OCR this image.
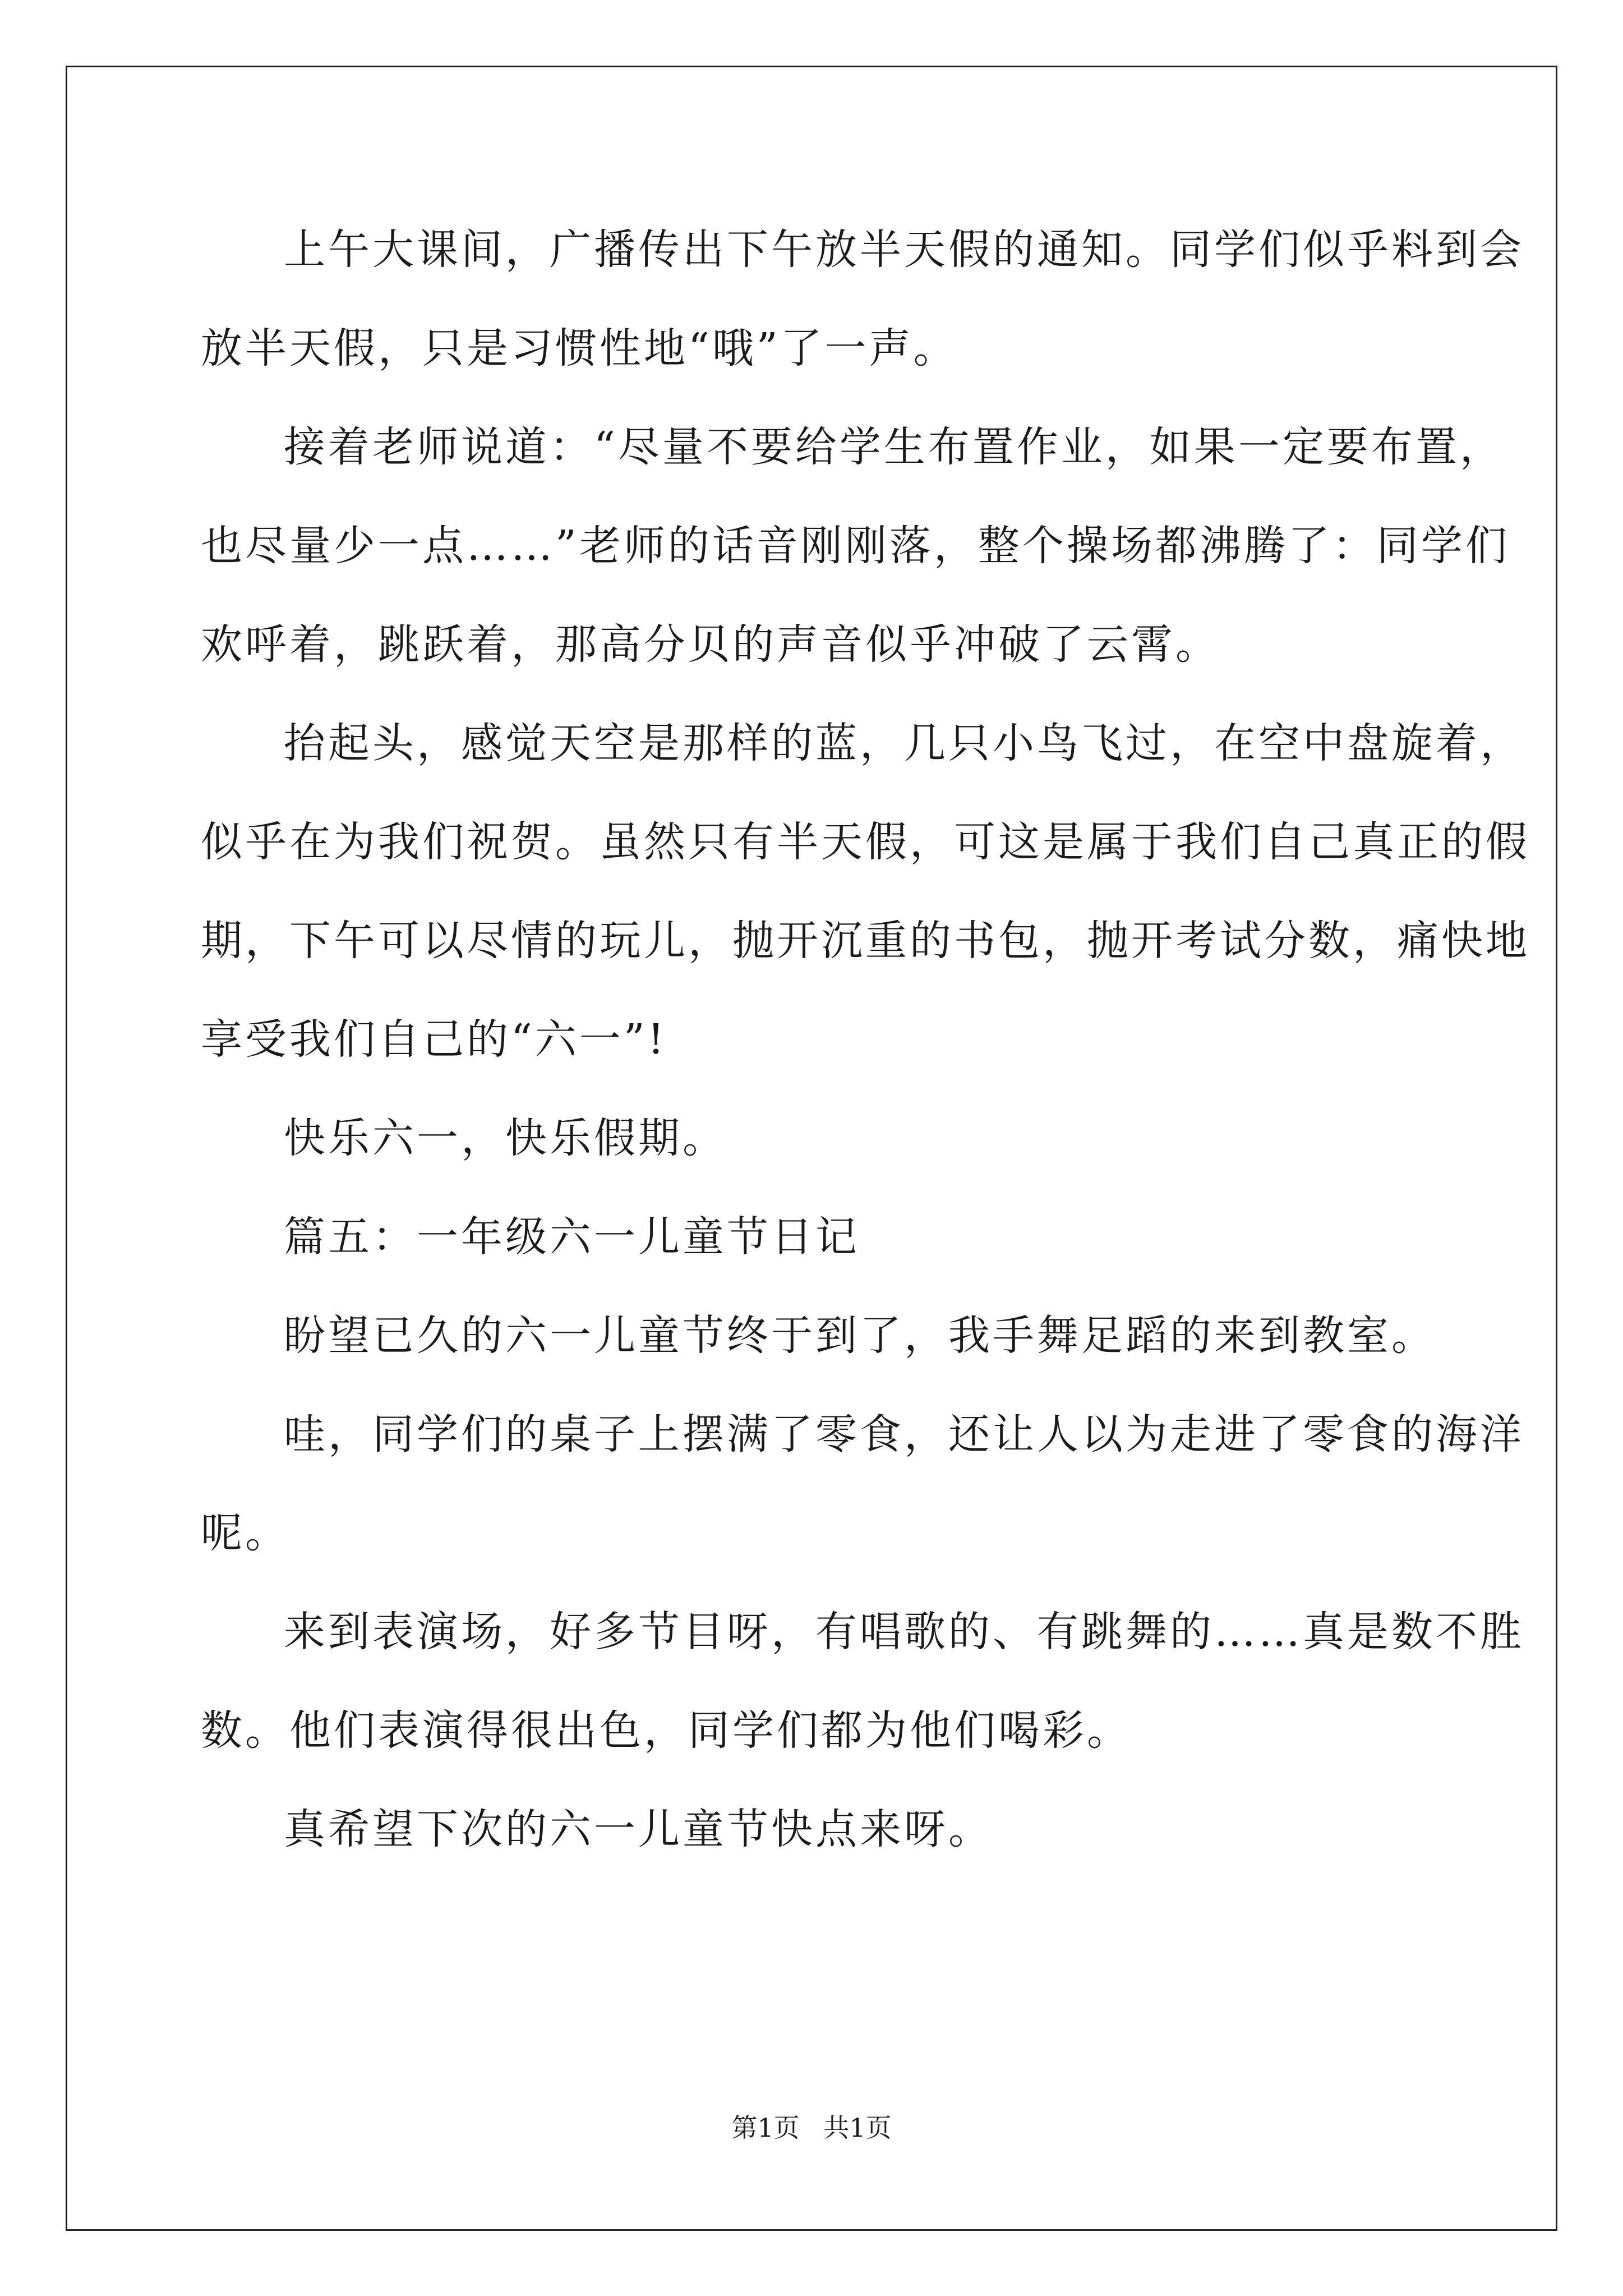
上午大课间，广播传出下午放半天假的通知。同学们似乎料到会
放半天假，只是习惯性地“哦”了一声。
接着老师说道：“尽量不要给学生布置作业，如果一定要布置，
也尽量少一点……”老师的话音刚刚落，整个操场都沸腾了：同学们
欢呼着，跳跃着，那高分贝的声音似乎冲破了云霄。
抬起头，感觉天空是那样的蓝，几只小鸟飞过，在空中盘旋着，
似乎在为我们祝贺。虽然只有半天假，可这是属于我们自己真正的假
期，下午可以尽情的玩儿，抛开沉重的书包，抛开考试分数，痛快地
享受我们自己的“六一”!
快乐六一，快乐假期。
篇五：一年级六一儿童节日记
盼望已久的六一儿童节终于到了，我手舞足蹈的来到教室。
哇，同学们的桌子上摆满了零食，还让人以为走进了零食的海洋
呢。
来到表演场，好多节目呀，有唱歌的、有跳舞的……真是数不胜
数。他们表演得很出色，同学们都为他们喝彩。
真希望下次的六一儿童节快点来呀。
第1页 共1页
